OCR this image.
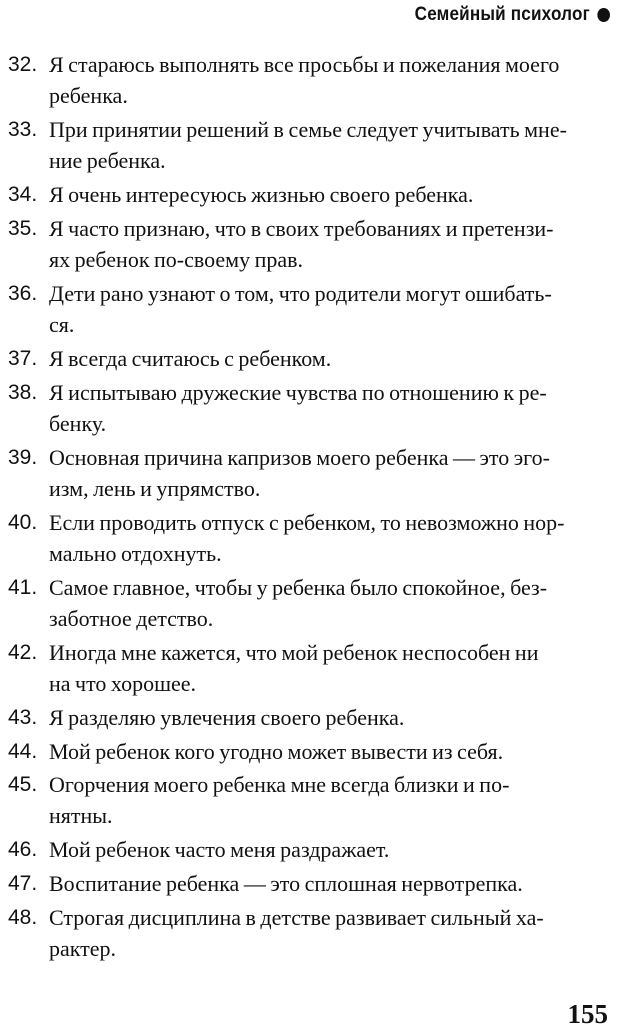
Семейный психолог
32. Я стараюсь выполнять все просьбы и пожелания моего
ребенка.
33. При принятии решений в семье следует учитывать мне-
ние ребенка.
34. Я очень интересуюсь жизнью своего ребенка.
35. Я часто признаю, что в своих требованиях и претензи-
ях ребенок по-своему прав.
36. Дети рано узнают о том, что родители могут ошибать-
ся.
37. Я всегда считаюсь с ребенком.
38. Я испытываю дружеские чувства по отношению к ре-
бенку.
39. Основная причина капризов моего ребенка — это эго-
изм, лень и упрямство.
40. Если проводить отпуск с ребенком, то невозможно нор-
мально отдохнуть.
41. Самое главное, чтобы у ребенка было спокойное, без-
заботное детство.
42. Иногда мне кажется, что мой ребенок неспособен ни
на что хорошее.
43. Я разделяю увлечения своего ребенка.
44. Мой ребенок кого угодно может вывести из себя.
45. Огорчения моего ребенка мне всегда близки и по-
нятны.
46. Мой ребенок часто меня раздражает.
47. Воспитание ребенка — это сплошная нервотрепка.
48. Строгая дисциплина в детстве развивает сильный ха-
рактер.
155
